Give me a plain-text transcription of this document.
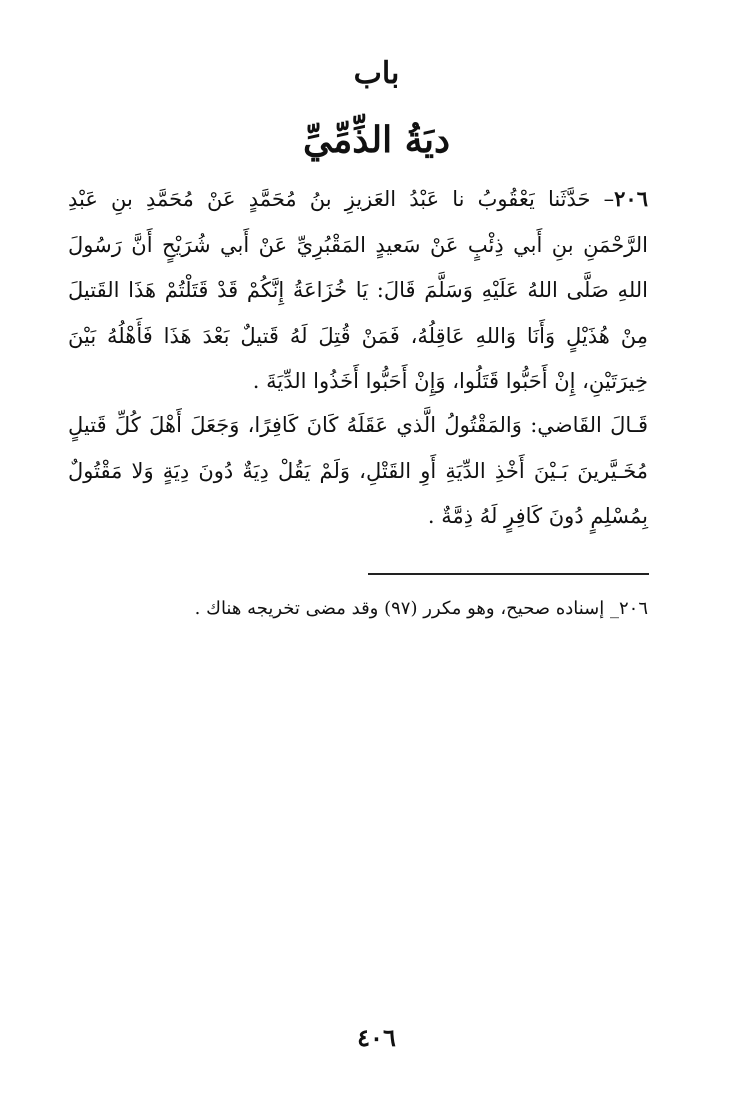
باب
ديَةُ الذِّمِّيِّ
٢٠٦– حَدَّثَنا يَعْقُوبُ نا عَبْدُ العَزيزِ بنُ مُحَمَّدٍ عَنْ مُحَمَّدِ بنِ عَبْدِ الرَّحْمَنِ بنِ أَبي ذِئْبٍ عَنْ سَعيدٍ المَقْبُرِيِّ عَنْ أَبي شُرَيْحٍ أَنَّ رَسُولَ اللهِ صَلَّى اللهُ عَلَيْهِ وَسَلَّمَ قَالَ: يَا خُزَاعَةُ إِنَّكُمْ قَدْ قَتَلْتُمْ هَذَا القَتيلَ مِنْ هُذَيْلٍ وَأَنَا وَاللهِ عَاقِلُهُ، فَمَنْ قُتِلَ لَهُ قَتيلٌ بَعْدَ هَذَا فَأَهْلُهُ بَيْنَ خِيرَتَيْنِ، إِنْ أَحَبُّوا قَتَلُوا، وَإِنْ أَحَبُّوا أَخَذُوا الدِّيَةَ .
قَـالَ القَاضي: وَالمَقْتُولُ الَّذي عَقَلَهُ كَانَ كَافِرًا، وَجَعَلَ أَهْلَ كُلِّ قَتيلٍ مُخَـيَّرينَ بَـيْنَ أَخْذِ الدِّيَةِ أَوِ القَتْلِ، وَلَمْ يَقُلْ دِيَةٌ دُونَ دِيَةٍ وَلا مَقْتُولٌ بِمُسْلِمٍ دُونَ كَافِرٍ لَهُ ذِمَّةٌ .
٢٠٦_ إسناده صحيح، وهو مكرر (٩٧) وقد مضى تخريجه هناك .
٤٠٦
